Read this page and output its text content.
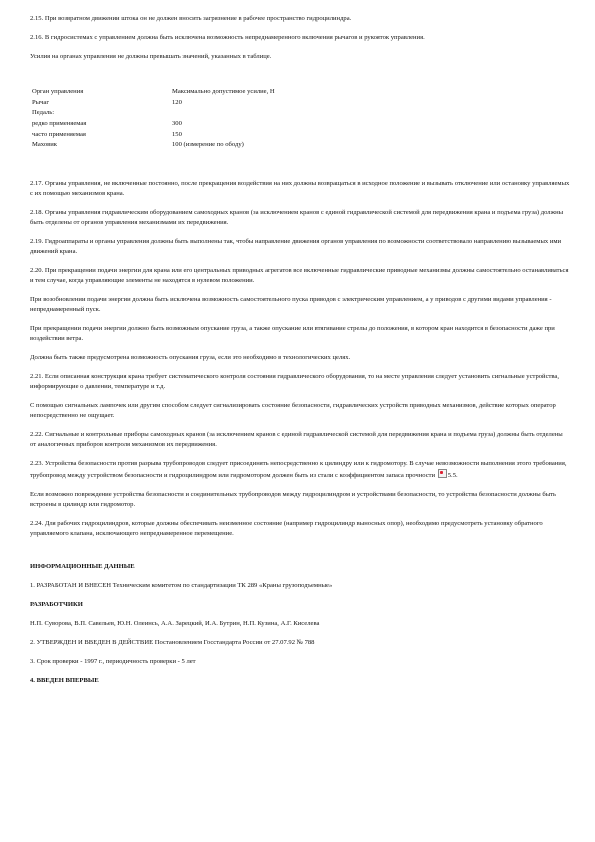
2.15. При возвратном движении штока он не должен вносить загрязнение в рабочее пространство гидроцилиндра.

2.16. В гидросистемах с управлением должна быть исключена возможность непреднамеренного включения рычагов и рукояток управления.

Усилия на органах управления не должны превышать значений, указанных в таблице.

Орган управления	Максимально допустимое усилие, Н
Рычаг	120
Педаль:	
редко применяемая	300
часто применяемая	150
Маховик	100 (измерение по ободу)

2.17. Органы управления, не включенные постоянно, после прекращения воздействия на них должны возвращаться в исходное положение и вызывать отключение или остановку управляемых с их помощью механизмов крана.

2.18. Органы управления гидравлическим оборудованием самоходных кранов (за исключением кранов с единой гидравлической системой для передвижения крана и подъема груза) должны быть отделены от органов управления механизмами их передвижения.

2.19. Гидроаппараты и органы управления должны быть выполнены так, чтобы направление движения органов управления по возможности соответствовало направлению вызываемых ими движений крана.

2.20. При прекращении подачи энергии для крана или его центральных приводных агрегатов все включенные гидравлические приводные механизмы должны самостоятельно останавливаться и тем случае, когда управляющие элементы не находятся в нулевом положении.

При возобновлении подачи энергии должна быть исключена возможность самостоятельного пуска приводов с электрическим управлением, а у приводов с другими видами управления - непреднамеренный пуск.

При прекращении подачи энергии должно быть возможным опускание груза, а также опускание или втягивание стрелы до положения, в котором кран находится в безопасности даже при воздействии ветра.

Должна быть также предусмотрена возможность опускания груза, если это необходимо в технологических целях.

2.21. Если описанная конструкция крана требует систематического контроля состояния гидравлического оборудования, то на месте управления следует установить сигнальные устройства, информирующие о давлении, температуре и т.д.

С помощью сигнальных лампочек или другим способом следует сигнализировать состояние безопасности, гидравлических устройств приводных механизмов, действие которых оператор непосредственно не ощущает.

2.22. Сигнальные и контрольные приборы самоходных кранов (за исключением кранов с единой гидравлической системой для передвижения крана и подъема груза) должны быть отделены от аналогичных приборов контроля механизмов их передвижения.

2.23. Устройства безопасности против разрыва трубопроводов следует присоединять непосредственно к цилиндру или к гидромотору. В случае невозможности выполнения этого требования, трубопровод между устройством безопасности и гидроцилиндром или гидромотором должен быть из стали с коэффициентом запаса прочности 5.5.

Если возможно повреждение устройства безопасности и соединительных трубопроводов между гидроцилиндром и устройствами безопасности, то устройства безопасности должны быть встроены в цилиндр или гидромотор.

2.24. Для рабочих гидроцилиндров, которые должны обеспечивать неизменное состояние (например гидроцилиндр выносных опор), необходимо предусмотреть установку обратного управляемого клапана, исключающего непреднамеренное перемещение.

ИНФОРМАЦИОННЫЕ ДАННЫЕ

1. РАЗРАБОТАН И ВНЕСЕН Техническим комитетом по стандартизации ТК 289 «Краны грузоподъемные»

РАЗРАБОТЧИКИ

Н.П. Суворова, В.П. Савельев, Ю.Н. Олеинсь, А.А. Зарецкий, И.А. Бутрин, Н.П. Кузина, А.Г. Киселева

2. УТВЕРЖДЕН И ВВЕДЕН В ДЕЙСТВИЕ Постановлением Госстандарта России от 27.07.92 № 788

3. Срок проверки - 1997 г., периодичность проверки - 5 лет

4. ВВЕДЕН ВПЕРВЫЕ
